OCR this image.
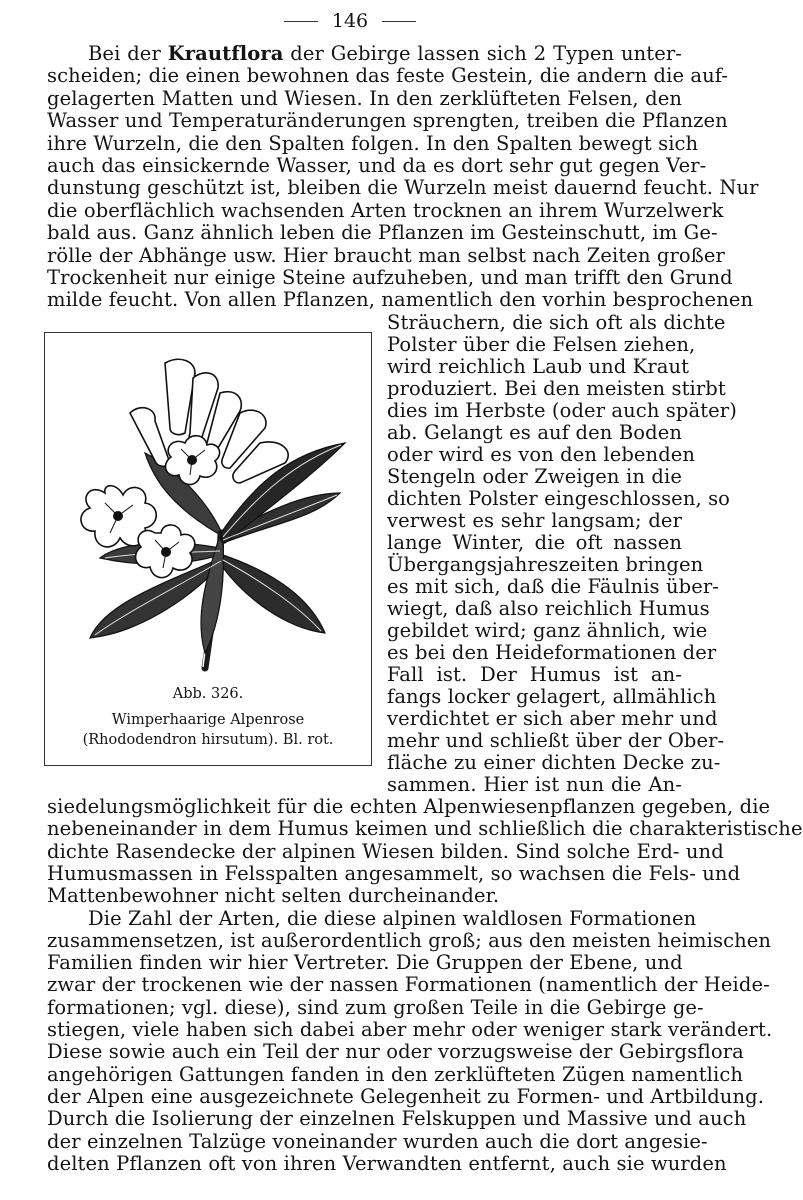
146
Bei der Krautflora der Gebirge lassen sich 2 Typen unter-
scheiden; die einen bewohnen das feste Gestein, die andern die auf-
gelagerten Matten und Wiesen. In den zerklüfteten Felsen, den
Wasser und Temperaturänderungen sprengten, treiben die Pflanzen
ihre Wurzeln, die den Spalten folgen. In den Spalten bewegt sich
auch das einsickernde Wasser, und da es dort sehr gut gegen Ver-
dunstung geschützt ist, bleiben die Wurzeln meist dauernd feucht. Nur
die oberflächlich wachsenden Arten trocknen an ihrem Wurzelwerk
bald aus. Ganz ähnlich leben die Pflanzen im Gesteinschutt, im Ge-
rölle der Abhänge usw. Hier braucht man selbst nach Zeiten großer
Trockenheit nur einige Steine aufzuheben, und man trifft den Grund
milde feucht. Von allen Pflanzen, namentlich den vorhin besprochenen
Sträuchern, die sich oft als dichte
Polster über die Felsen ziehen,
wird reichlich Laub und Kraut
produziert. Bei den meisten stirbt
dies im Herbste (oder auch später)
ab. Gelangt es auf den Boden
oder wird es von den lebenden
Stengeln oder Zweigen in die
dichten Polster eingeschlossen, so
verwest es sehr langsam; der
lange Winter, die oft nassen
Übergangsjahreszeiten bringen
es mit sich, daß die Fäulnis über-
wiegt, daß also reichlich Humus
gebildet wird; ganz ähnlich, wie
es bei den Heideformationen der
Fall ist. Der Humus ist an-
fangs locker gelagert, allmählich
verdichtet er sich aber mehr und
mehr und schließt über der Ober-
fläche zu einer dichten Decke zu-
sammen. Hier ist nun die An-
siedelungsmöglichkeit für die echten Alpenwiesenpflanzen gegeben, die
nebeneinander in dem Humus keimen und schließlich die charakteristische
dichte Rasendecke der alpinen Wiesen bilden. Sind solche Erd- und
Humusmassen in Felsspalten angesammelt, so wachsen die Fels- und
Mattenbewohner nicht selten durcheinander.
Die Zahl der Arten, die diese alpinen waldlosen Formationen
zusammensetzen, ist außerordentlich groß; aus den meisten heimischen
Familien finden wir hier Vertreter. Die Gruppen der Ebene, und
zwar der trockenen wie der nassen Formationen (namentlich der Heide-
formationen; vgl. diese), sind zum großen Teile in die Gebirge ge-
stiegen, viele haben sich dabei aber mehr oder weniger stark verändert.
Diese sowie auch ein Teil der nur oder vorzugsweise der Gebirgsflora
angehörigen Gattungen fanden in den zerklüfteten Zügen namentlich
der Alpen eine ausgezeichnete Gelegenheit zu Formen- und Artbildung.
Durch die Isolierung der einzelnen Felskuppen und Massive und auch
der einzelnen Talzüge voneinander wurden auch die dort angesie-
delten Pflanzen oft von ihren Verwandten entfernt, auch sie wurden
Abb. 326.
Wimperhaarige Alpenrose
(Rhododendron hirsutum). Bl. rot.
